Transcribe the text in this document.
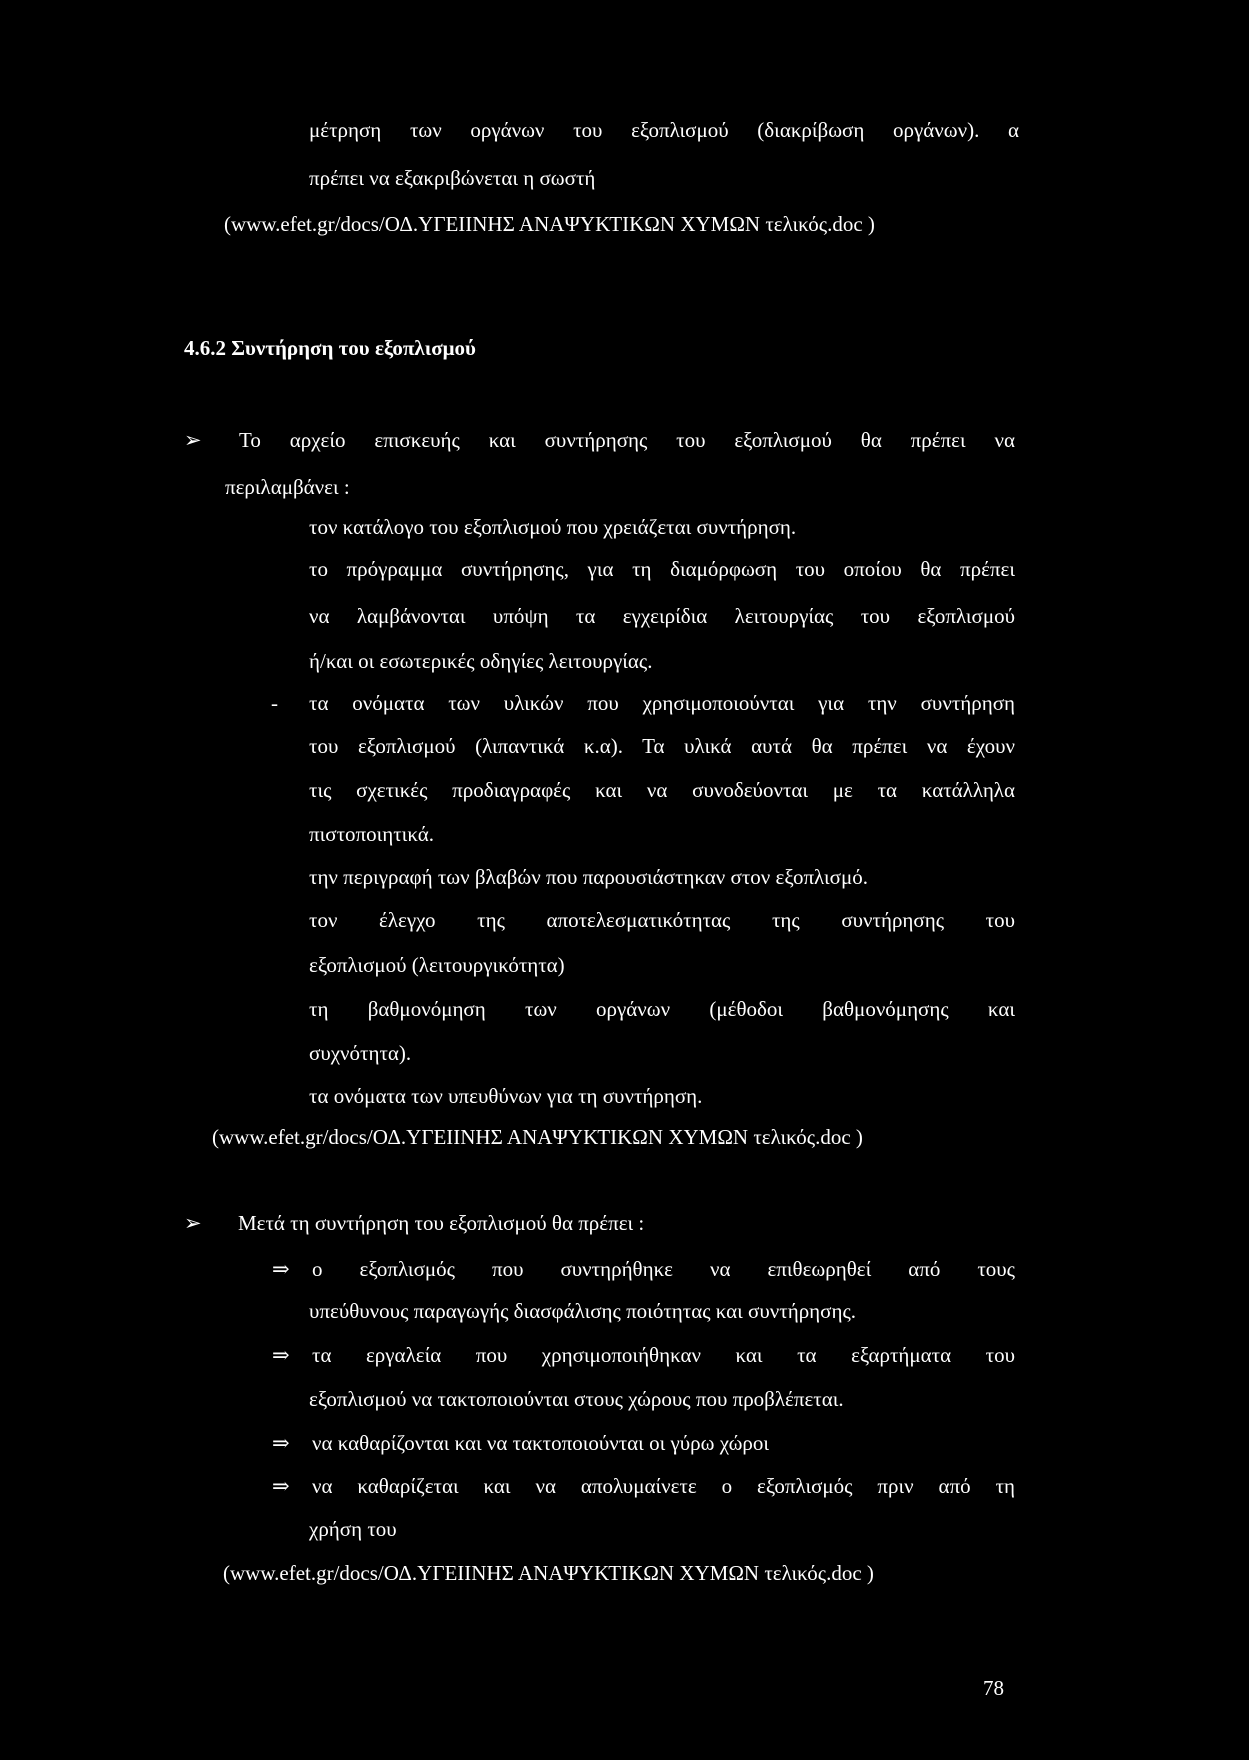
μέτρηση των οργάνων του εξοπλισμού (διακρίβωση οργάνων). α
πρέπει να εξακριβώνεται η σωστή
(www.efet.gr/docs/ΟΔ.ΥΓΕΙΙΝΗΣ ΑΝΑΨΥΚΤΙΚΩΝ ΧΥΜΩΝ τελικός.doc )
4.6.2 Συντήρηση του εξοπλισμού
➢ Το αρχείο επισκευής και συντήρησης του εξοπλισμού θα πρέπει να
περιλαμβάνει :
τον κατάλογο του εξοπλισμού που χρειάζεται συντήρηση.
το πρόγραμμα συντήρησης, για τη διαμόρφωση του οποίου θα πρέπει
να λαμβάνονται υπόψη τα εγχειρίδια λειτουργίας του εξοπλισμού
ή/και οι εσωτερικές οδηγίες λειτουργίας.
- τα ονόματα των υλικών που χρησιμοποιούνται για την συντήρηση
του εξοπλισμού (λιπαντικά κ.α). Τα υλικά αυτά θα πρέπει να έχουν
τις σχετικές προδιαγραφές και να συνοδεύονται με τα κατάλληλα
πιστοποιητικά.
την περιγραφή των βλαβών που παρουσιάστηκαν στον εξοπλισμό.
τον έλεγχο της αποτελεσματικότητας της συντήρησης του
εξοπλισμού (λειτουργικότητα)
τη βαθμονόμηση των οργάνων (μέθοδοι βαθμονόμησης και
συχνότητα).
τα ονόματα των υπευθύνων για τη συντήρηση.
(www.efet.gr/docs/ΟΔ.ΥΓΕΙΙΝΗΣ ΑΝΑΨΥΚΤΙΚΩΝ ΧΥΜΩΝ τελικός.doc )
➢ Μετά τη συντήρηση του εξοπλισμού θα πρέπει :
⇒ ο εξοπλισμός που συντηρήθηκε να επιθεωρηθεί από τους
υπεύθυνους παραγωγής διασφάλισης ποιότητας και συντήρησης.
⇒ τα εργαλεία που χρησιμοποιήθηκαν και τα εξαρτήματα του
εξοπλισμού να τακτοποιούνται στους χώρους που προβλέπεται.
⇒ να καθαρίζονται και να τακτοποιούνται οι γύρω χώροι
⇒ να καθαρίζεται και να απολυμαίνετε ο εξοπλισμός πριν από τη
χρήση του
(www.efet.gr/docs/ΟΔ.ΥΓΕΙΙΝΗΣ ΑΝΑΨΥΚΤΙΚΩΝ ΧΥΜΩΝ τελικός.doc )
78
